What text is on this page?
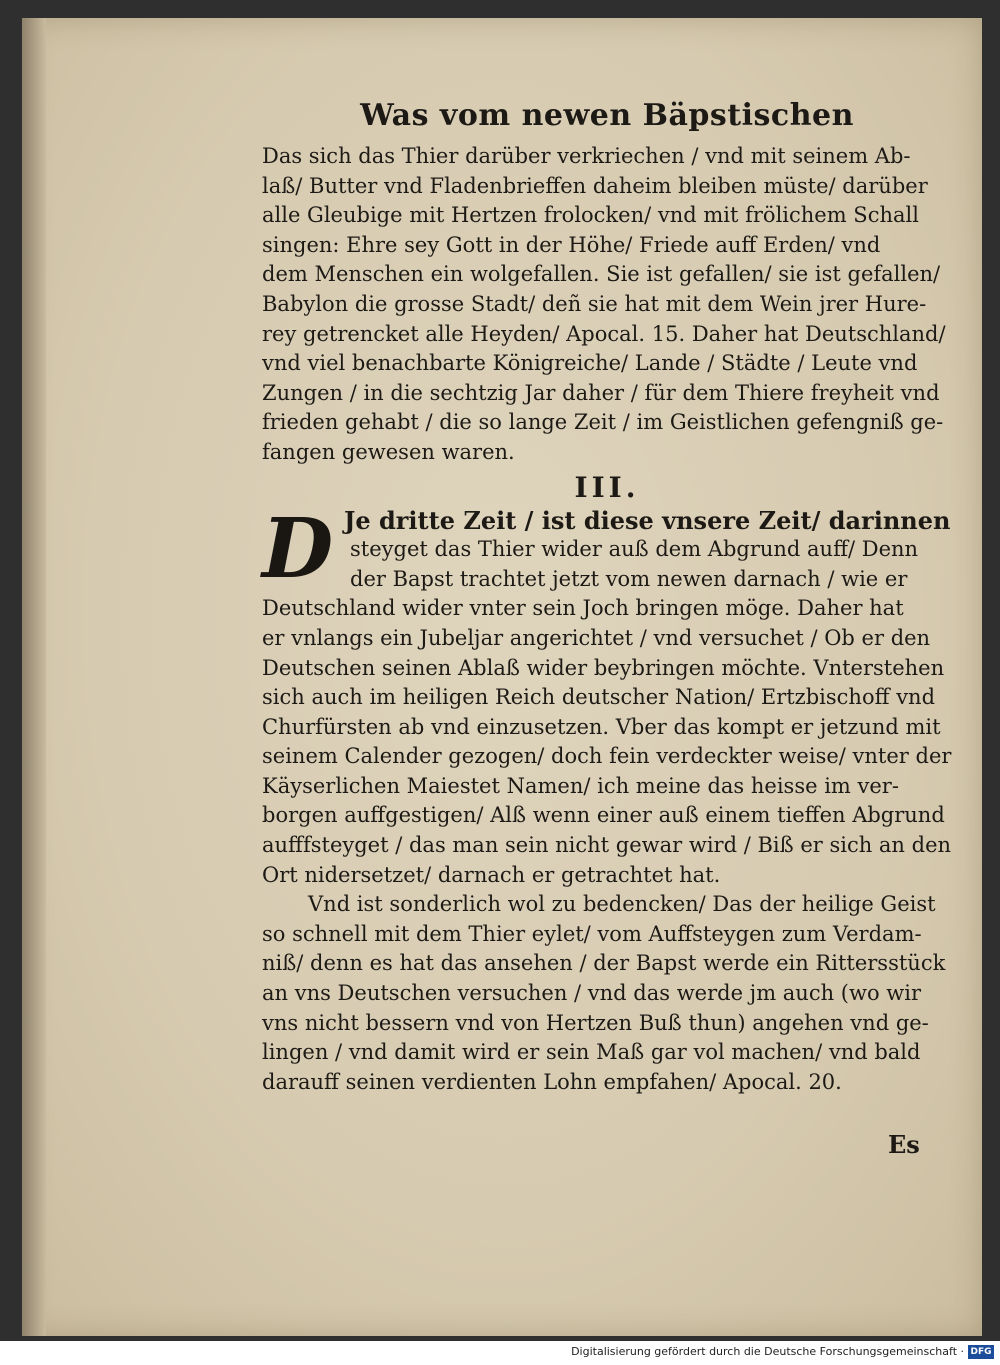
Was vom newen Bäpstischen

Das sich das Thier darüber verkriechen / vnd mit seinem Ab-
laß/ Butter vnd Fladenbrieffen daheim bleiben müste/ darüber
alle Gleubige mit Hertzen frolocken/ vnd mit frölichem Schall
singen: Ehre sey Gott in der Höhe/ Friede auff Erden/ vnd
dem Menschen ein wolgefallen. Sie ist gefallen/ sie ist gefallen/
Babylon die grosse Stadt/ deñ sie hat mit dem Wein jrer Hure-
rey getrencket alle Heyden/ Apocal. 15. Daher hat Deutschland/
vnd viel benachbarte Königreiche/ Lande / Städte / Leute vnd
Zungen / in die sechtzig Jar daher / für dem Thiere freyheit vnd
frieden gehabt / die so lange Zeit / im Geistlichen gefengniß ge-
fangen gewesen waren.

III.
D Je dritte Zeit / ist diese vnsere Zeit/ darinnen
steyget das Thier wider auß dem Abgrund auff/ Denn
der Bapst trachtet jetzt vom newen darnach / wie er
Deutschland wider vnter sein Joch bringen möge. Daher hat
er vnlangs ein Jubeljar angerichtet / vnd versuchet / Ob er den
Deutschen seinen Ablaß wider beybringen möchte. Vnterstehen
sich auch im heiligen Reich deutscher Nation/ Ertzbischoff vnd
Churfürsten ab vnd einzusetzen. Vber das kompt er jetzund mit
seinem Calender gezogen/ doch fein verdeckter weise/ vnter der
Käyserlichen Maiestet Namen/ ich meine das heisse im ver-
borgen auffgestigen/ Alß wenn einer auß einem tieffen Abgrund
aufffsteyget / das man sein nicht gewar wird / Biß er sich an den
Ort nidersetzet/ darnach er getrachtet hat.

Vnd ist sonderlich wol zu bedencken/ Das der heilige Geist
so schnell mit dem Thier eylet/ vom Auffsteygen zum Verdam-
niß/ denn es hat das ansehen / der Bapst werde ein Rittersstück
an vns Deutschen versuchen / vnd das werde jm auch (wo wir
vns nicht bessern vnd von Hertzen Buß thun) angehen vnd ge-
lingen / vnd damit wird er sein Maß gar vol machen/ vnd bald
darauff seinen verdienten Lohn empfahen/ Apocal. 20.

Es
Digitalisierung gefördert durch die Deutsche Forschungsgemeinschaft · DFG
